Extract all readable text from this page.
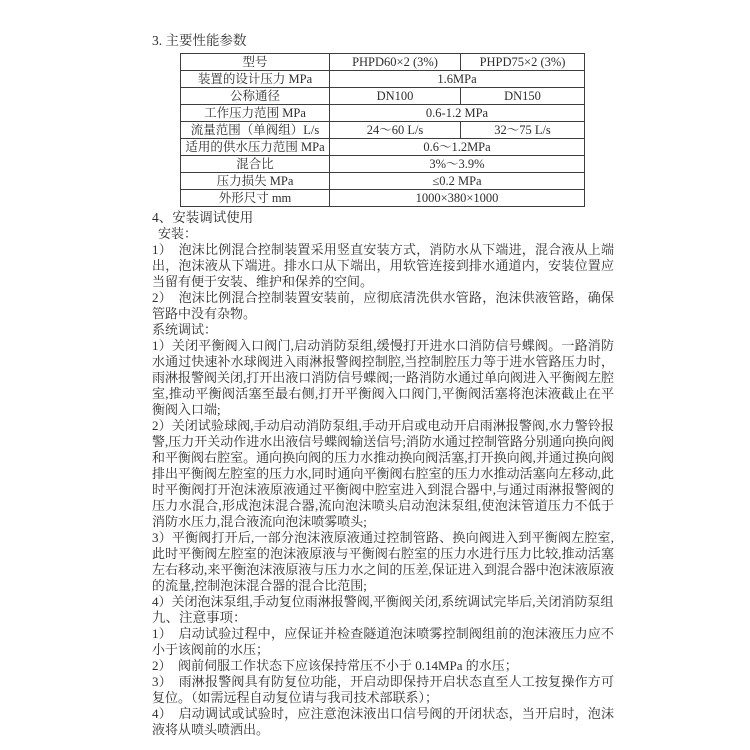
3. 主要性能参数
型号	PHPD60×2 (3%)	PHPD75×2 (3%)
装置的设计压力 MPa	1.6MPa	
公称通径	DN100	DN150
工作压力范围 MPa	0.6-1.2 MPa	
流量范围（单阀组）L/s	24～60 L/s	32～75 L/s
适用的供水压力范围 MPa	0.6～1.2MPa	
混合比	3%～3.9%	
压力损失 MPa	≤0.2 MPa	
外形尺寸 mm	1000×380×1000	
4、安装调试使用
安装：

1）　泡沫比例混合控制装置采用竖直安装方式，消防水从下端进，混合液从上端出，泡沫液从下端进。排水口从下端出，用软管连接到排水通道内，安装位置应当留有便于安装、维护和保养的空间。

2）　泡沫比例混合控制装置安装前，应彻底清洗供水管路，泡沫供液管路，确保管路中没有杂物。

系统调试：

1）关闭平衡阀入口阀门,启动消防泵组,缓慢打开进水口消防信号蝶阀。一路消防水通过快速补水球阀进入雨淋报警阀控制腔,当控制腔压力等于进水管路压力时，雨淋报警阀关闭,打开出液口消防信号蝶阀;一路消防水通过单向阀进入平衡阀左腔室,推动平衡阀活塞至最右侧,打开平衡阀入口阀门,平衡阀活塞将泡沫液截止在平衡阀入口端;

2）关闭试验球阀,手动启动消防泵组,手动开启或电动开启雨淋报警阀,水力警铃报警,压力开关动作进水出液信号蝶阀输送信号;消防水通过控制管路分别通向换向阀和平衡阀右腔室。通向换向阀的压力水推动换向阀活塞,打开换向阀,并通过换向阀排出平衡阀左腔室的压力水,同时通向平衡阀右腔室的压力水推动活塞向左移动,此时平衡阀打开泡沫液原液通过平衡阀中腔室进入到混合器中,与通过雨淋报警阀的压力水混合,形成泡沫混合器,流向泡沫喷头启动泡沫泵组,使泡沫管道压力不低于消防水压力,混合液流向泡沫喷雾喷头;

3）平衡阀打开后,一部分泡沫液原液通过控制管路、换向阀进入到平衡阀左腔室,此时平衡阀左腔室的泡沫液原液与平衡阀右腔室的压力水进行压力比较,推动活塞左右移动,来平衡泡沫液原液与压力水之间的压差,保证进入到混合器中泡沫液原液的流量,控制泡沫混合器的混合比范围;

4）关闭泡沫泵组,手动复位雨淋报警阀,平衡阀关闭,系统调试完毕后,关闭消防泵组

九、注意事项：

1）　启动试验过程中，应保证并检查隧道泡沫喷雾控制阀组前的泡沫液压力应不小于该阀前的水压；

2）　阀前伺服工作状态下应该保持常压不小于 0.14MPa 的水压；

3）　雨淋报警阀具有防复位功能，开启动即保持开启状态直至人工按复操作方可复位。（如需远程自动复位请与我司技术部联系）；

4）　启动调试或试验时，应注意泡沫液出口信号阀的开闭状态，当开启时，泡沫液将从喷头喷洒出。
